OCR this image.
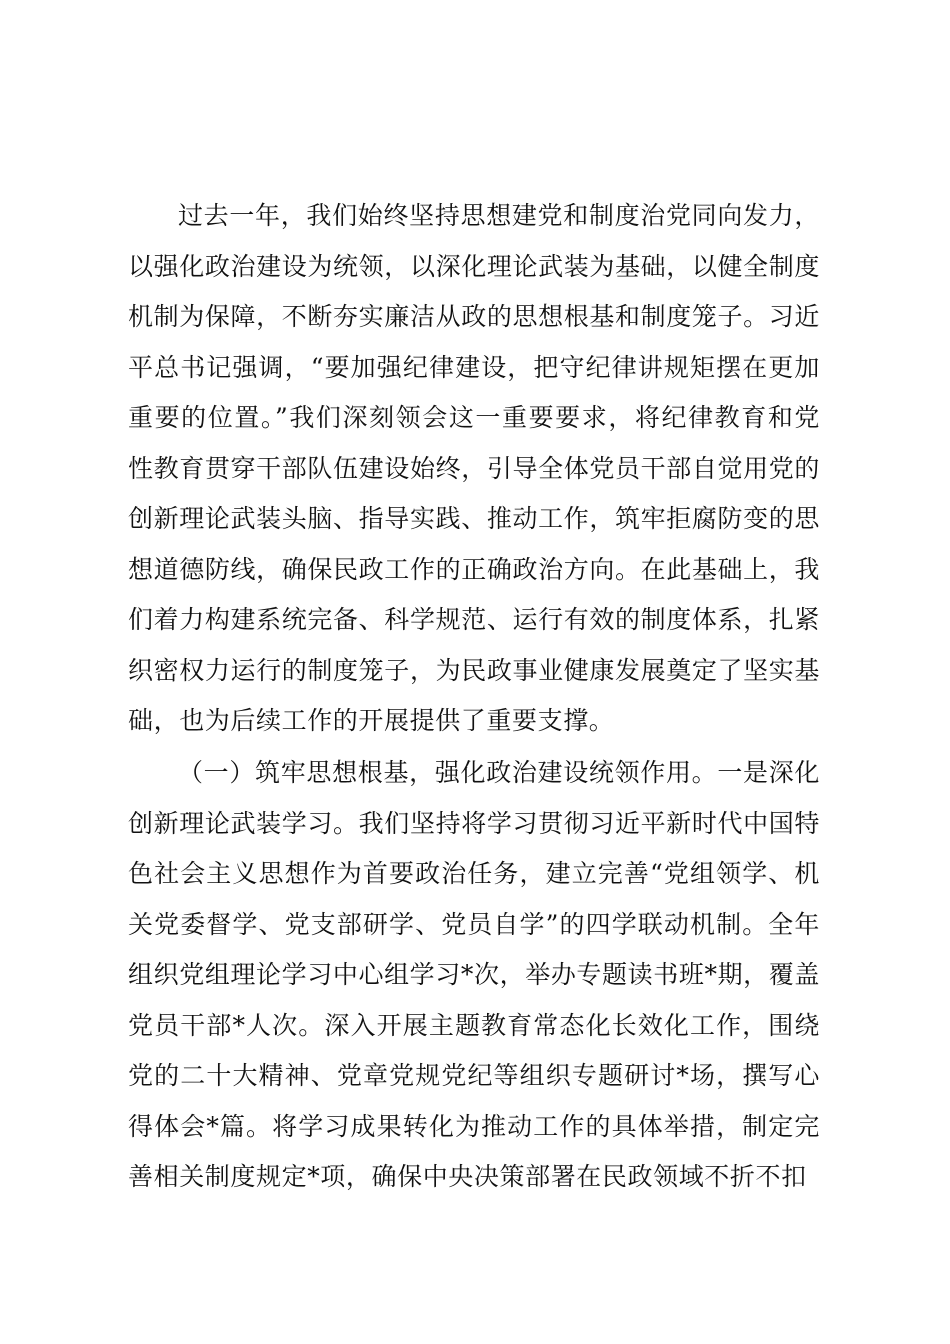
过去一年，我们始终坚持思想建党和制度治党同向发力，以强化政治建设为统领，以深化理论武装为基础，以健全制度机制为保障，不断夯实廉洁从政的思想根基和制度笼子。习近平总书记强调，“要加强纪律建设，把守纪律讲规矩摆在更加重要的位置。”我们深刻领会这一重要要求，将纪律教育和党性教育贯穿干部队伍建设始终，引导全体党员干部自觉用党的创新理论武装头脑、指导实践、推动工作，筑牢拒腐防变的思想道德防线，确保民政工作的正确政治方向。在此基础上，我们着力构建系统完备、科学规范、运行有效的制度体系，扎紧织密权力运行的制度笼子，为民政事业健康发展奠定了坚实基础，也为后续工作的开展提供了重要支撑。

（一）筑牢思想根基，强化政治建设统领作用。一是深化创新理论武装学习。我们坚持将学习贯彻习近平新时代中国特色社会主义思想作为首要政治任务，建立完善“党组领学、机关党委督学、党支部研学、党员自学”的四学联动机制。全年组织党组理论学习中心组学习*次，举办专题读书班*期，覆盖党员干部*人次。深入开展主题教育常态化长效化工作，围绕党的二十大精神、党章党规党纪等组织专题研讨*场，撰写心得体会*篇。将学习成果转化为推动工作的具体举措，制定完善相关制度规定*项，确保中央决策部署在民政领域不折不扣
